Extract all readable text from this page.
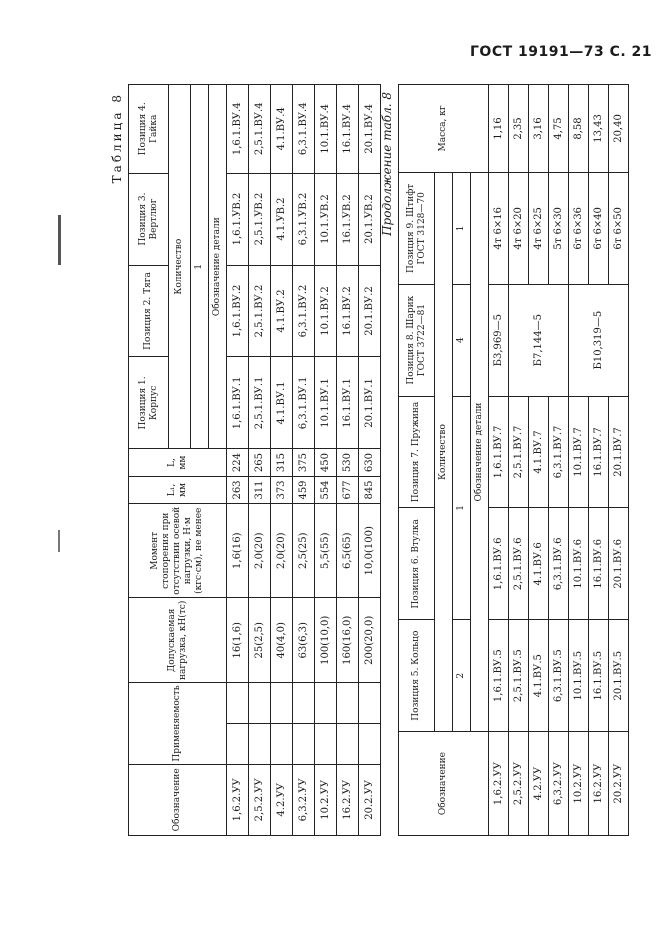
ГОСТ 19191—73 С. 21
Таблица 8
Обозначение	Применяемость		Допускаемая нагрузка, кН(тс)	Момент стопорения при отсутствии осевой нагрузки, Н·м (кгс·см), не менее	L₁, мм	L, мм	Позиция 1. Корпус	Позиция 2. Тяга	Позиция 3. Вертлюг	Позиция 4. Гайка
							Количество			
							1			
							Обозначение детали			
1,6.2.УУ			16(1,6)	1,6(16)	263	224	1,6.1.ВУ.1	1,6.1.ВУ.2	1,6.1.УВ.2	1,6.1.ВУ.4
2,5.2.УУ			25(2,5)	2,0(20)	311	265	2,5.1.ВУ.1	2,5.1.ВУ.2	2,5.1.УВ.2	2,5.1.ВУ.4
4.2.УУ			40(4,0)	2,0(20)	373	315	4.1.ВУ.1	4.1.ВУ.2	4.1.УВ.2	4.1.ВУ.4
6,3.2.УУ			63(6,3)	2,5(25)	459	375	6,3.1.ВУ.1	6,3.1.ВУ.2	6,3.1.УВ.2	6,3.1.ВУ.4
10.2.УУ			100(10,0)	5,5(55)	554	450	10.1.ВУ.1	10.1.ВУ.2	10.1.УВ.2	10.1.ВУ.4
16.2.УУ			160(16,0)	6,5(65)	677	530	16.1.ВУ.1	16.1.ВУ.2	16.1.УВ.2	16.1.ВУ.4
20.2.УУ			200(20,0)	10,0(100)	845	630	20.1.ВУ.1	20.1.ВУ.2	20.1.УВ.2	20.1.ВУ.4 Продолжение табл. 8
Обозначение	Позиция 5. Кольцо	Позиция 6. Втулка	Позиция 7. Пружина	Позиция 8. Шарик ГОСТ 3722—81	Позиция 9. Штифт ГОСТ 3128—70	Масса, кг
	Количество					
	2	1		4	1	
	Обозначение детали					
1,6.2.УУ	1,6.1.ВУ.5	1,6.1.ВУ.6	1,6.1.ВУ.7	Б3,969—5	4т 6×16	1,16
2,5.2.УУ	2,5.1.ВУ.5	2,5.1.ВУ.6	2,5.1.ВУ.7	Б7,144—5	4т 6×20	2,35
4.2.УУ	4.1.ВУ.5	4.1.ВУ.6	4.1.ВУ.7		4т 6×25	3,16
6,3.2.УУ	6,3.1.ВУ.5	6,3.1.ВУ.6	6,3.1.ВУ.7		5т 6×30	4,75
10.2.УУ	10.1.ВУ.5	10.1.ВУ.6	10.1.ВУ.7	Б10,319—5	6т 6×36	8,58
16.2.УУ	16.1.ВУ.5	16.1.ВУ.6	16.1.ВУ.7		6т 6×40	13,43
20.2.УУ	20.1.ВУ.5	20.1.ВУ.6	20.1.ВУ.7		6т 6×50	20,40
